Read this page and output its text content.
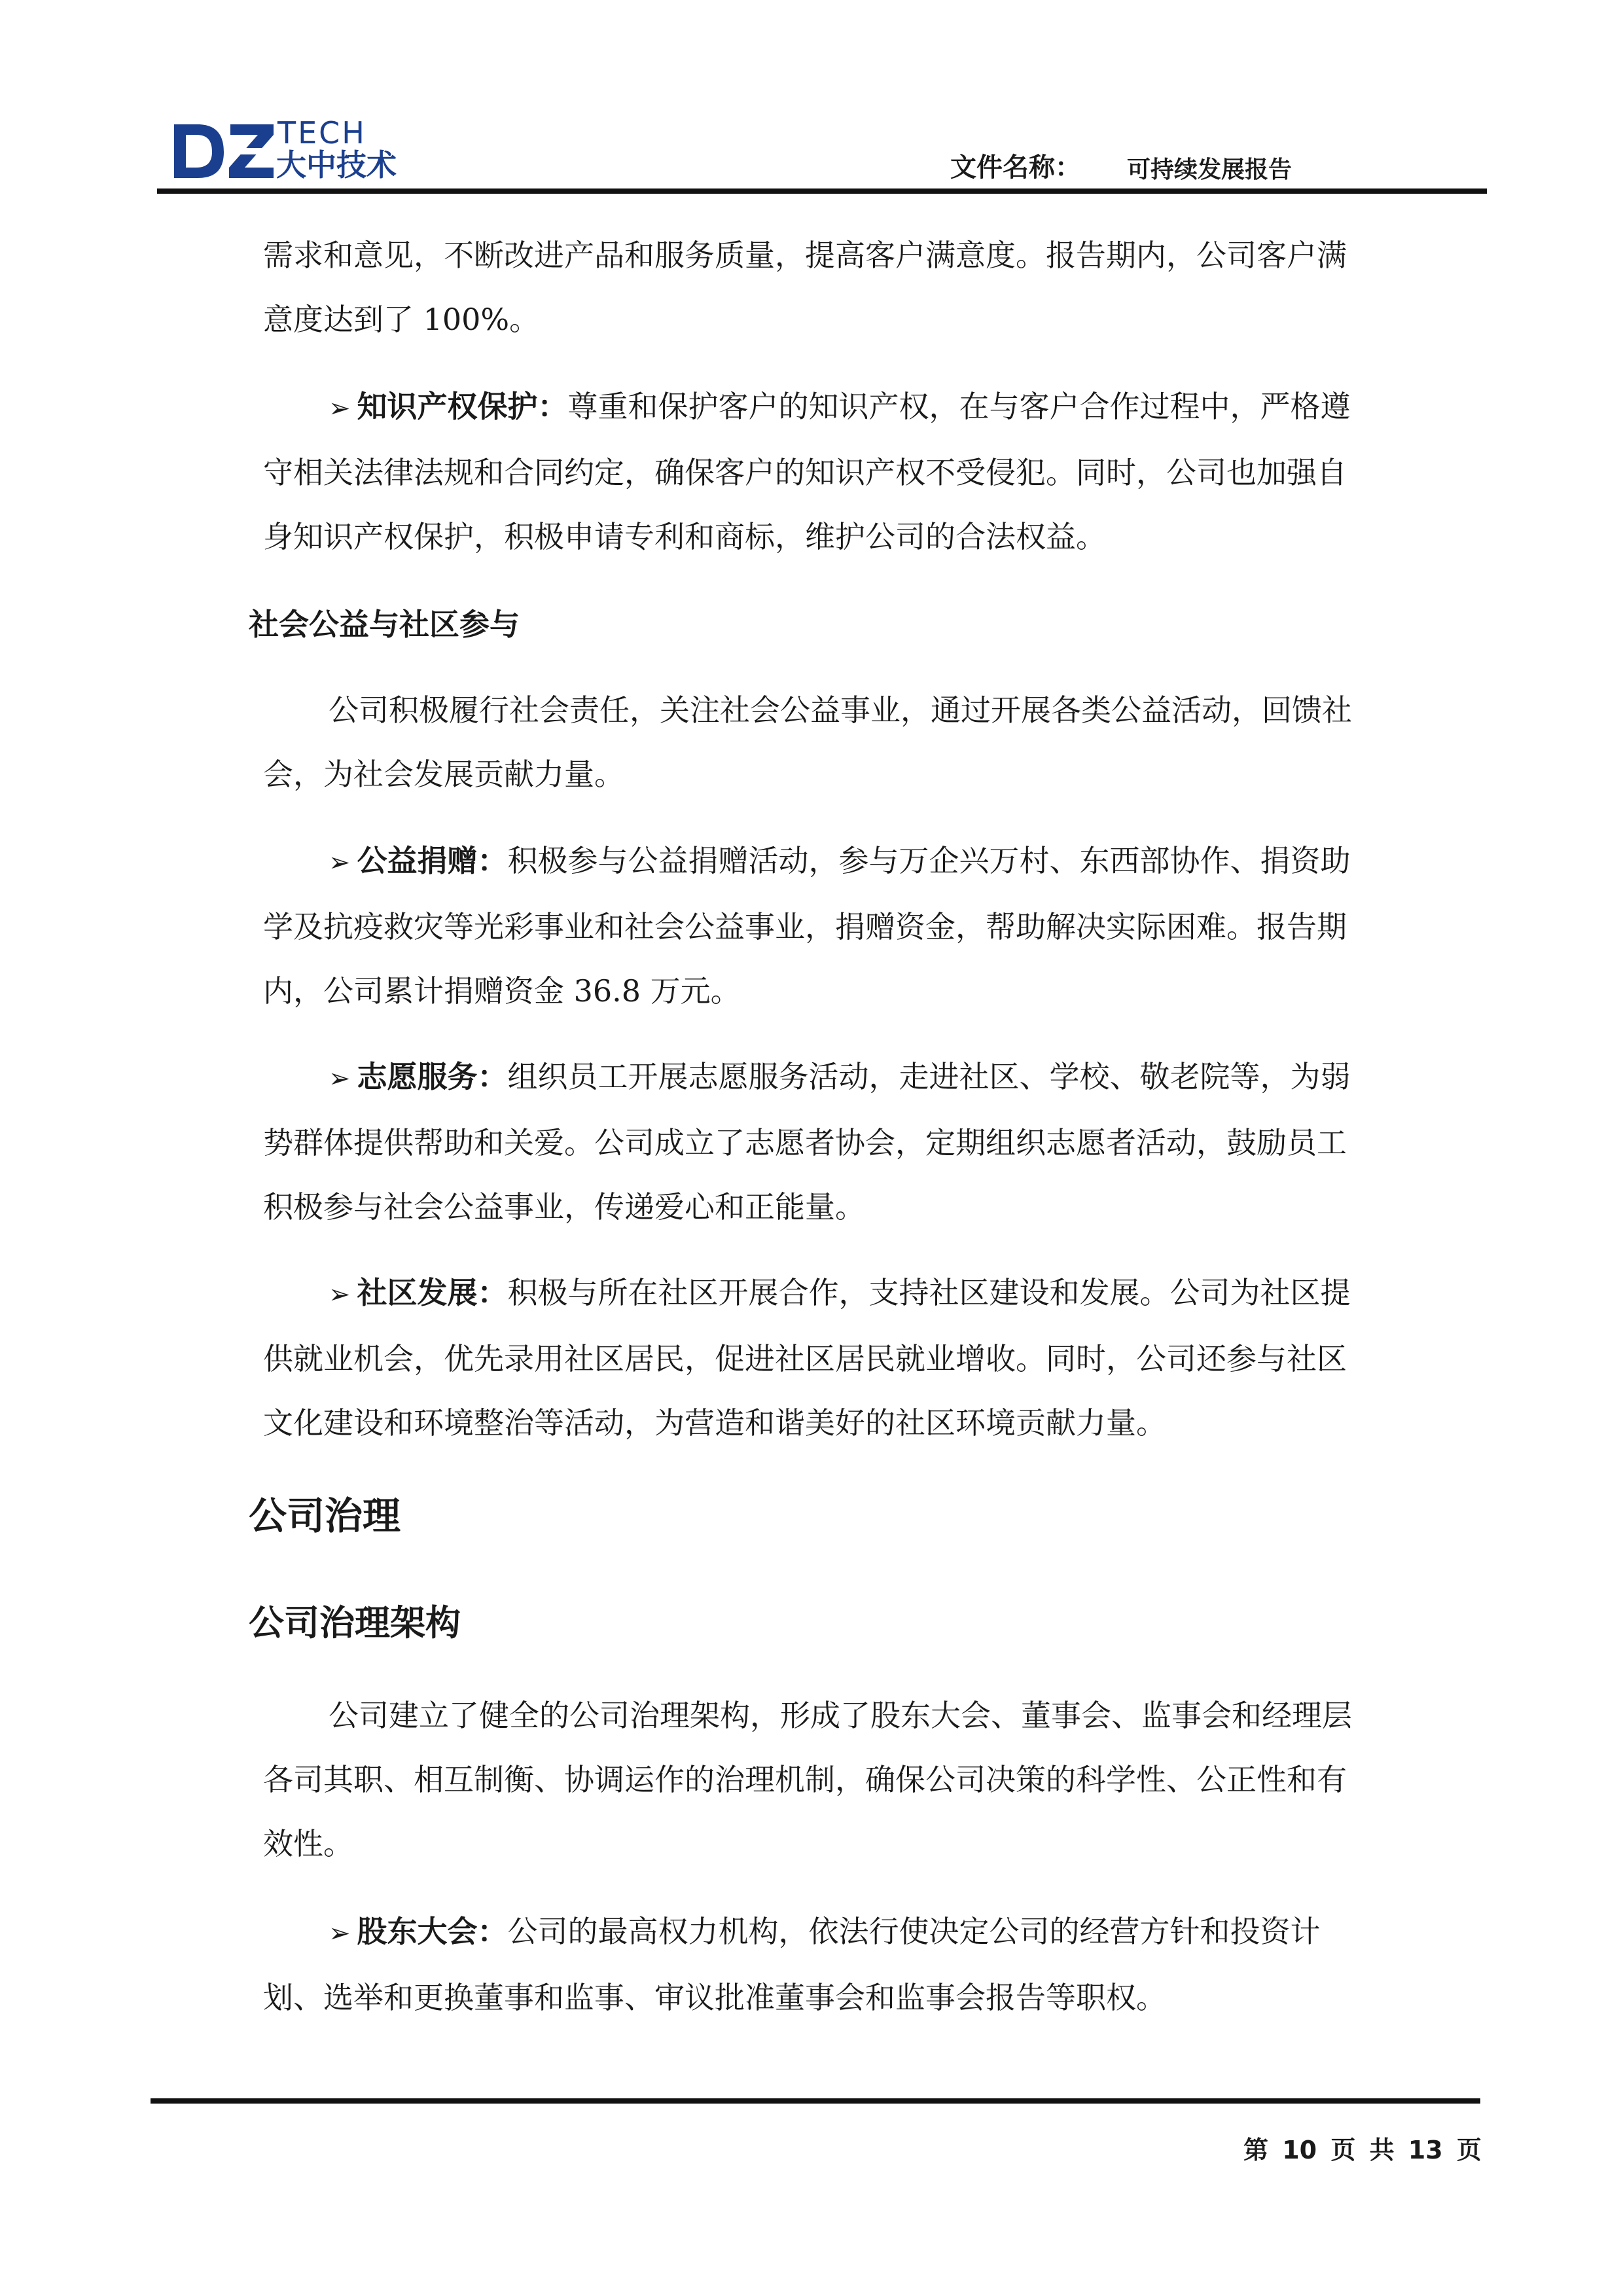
TECH
大中技术	文件名称： 可持续发展报告

需求和意见，不断改进产品和服务质量，提高客户满意度。报告期内，公司客户满意度达到了 100%。

➢ 知识产权保护：尊重和保护客户的知识产权，在与客户合作过程中，严格遵守相关法律法规和合同约定，确保客户的知识产权不受侵犯。同时，公司也加强自身知识产权保护，积极申请专利和商标，维护公司的合法权益。

社会公益与社区参与

公司积极履行社会责任，关注社会公益事业，通过开展各类公益活动，回馈社会，为社会发展贡献力量。

➢ 公益捐赠：积极参与公益捐赠活动，参与万企兴万村、东西部协作、捐资助学及抗疫救灾等光彩事业和社会公益事业，捐赠资金，帮助解决实际困难。报告期内，公司累计捐赠资金 36.8 万元。

➢ 志愿服务：组织员工开展志愿服务活动，走进社区、学校、敬老院等，为弱势群体提供帮助和关爱。公司成立了志愿者协会，定期组织志愿者活动，鼓励员工积极参与社会公益事业，传递爱心和正能量。

➢ 社区发展：积极与所在社区开展合作，支持社区建设和发展。公司为社区提供就业机会，优先录用社区居民，促进社区居民就业增收。同时，公司还参与社区文化建设和环境整治等活动，为营造和谐美好的社区环境贡献力量。

公司治理
公司治理架构

公司建立了健全的公司治理架构，形成了股东大会、董事会、监事会和经理层各司其职、相互制衡、协调运作的治理机制，确保公司决策的科学性、公正性和有效性。

➢ 股东大会：公司的最高权力机构，依法行使决定公司的经营方针和投资计划、选举和更换董事和监事、审议批准董事会和监事会报告等职权。

第 10 页 共 13 页
